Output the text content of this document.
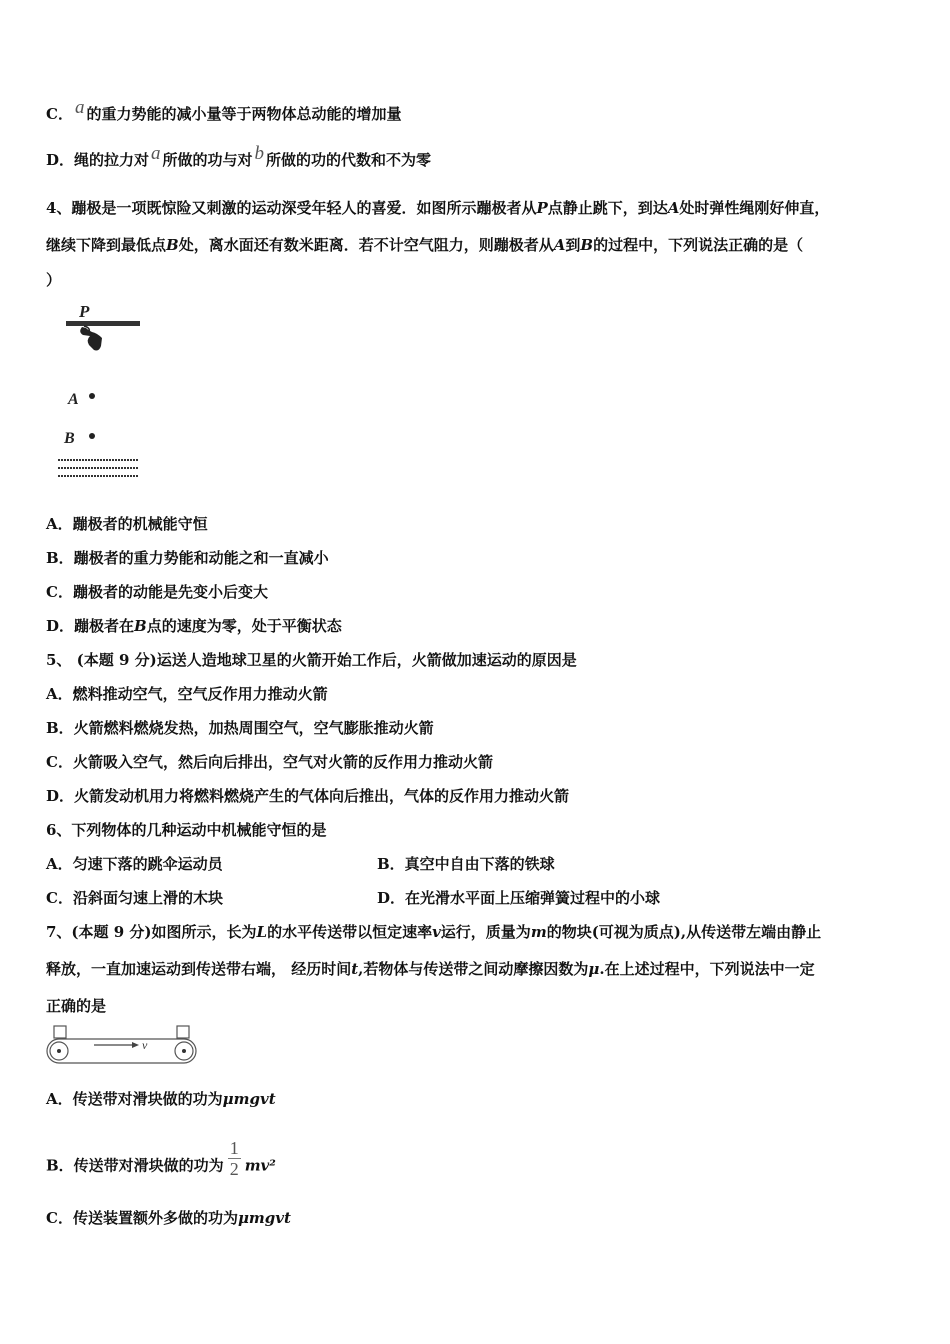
C． a 的重力势能的减小量等于两物体总动能的增加量
D．绳的拉力对 a 所做的功与对 b 所做的功的代数和不为零
4、蹦极是一项既惊险又刺激的运动深受年轻人的喜爱．如图所示蹦极者从P点静止跳下，到达A处时弹性绳刚好伸直，
继续下降到最低点B处，离水面还有数米距离．若不计空气阻力，则蹦极者从A到B的过程中，下列说法正确的是（
）
P
A
B
A．蹦极者的机械能守恒
B．蹦极者的重力势能和动能之和一直减小
C．蹦极者的动能是先变小后变大
D．蹦极者在B点的速度为零，处于平衡状态
5、 (本题 9 分)运送人造地球卫星的火箭开始工作后，火箭做加速运动的原因是
A．燃料推动空气，空气反作用力推动火箭
B．火箭燃料燃烧发热，加热周围空气，空气膨胀推动火箭
C．火箭吸入空气，然后向后排出，空气对火箭的反作用力推动火箭
D．火箭发动机用力将燃料燃烧产生的气体向后推出，气体的反作用力推动火箭
6、下列物体的几种运动中机械能守恒的是
A．匀速下落的跳伞运动员	B．真空中自由下落的铁球
C．沿斜面匀速上滑的木块	D．在光滑水平面上压缩弹簧过程中的小球
7、(本题 9 分)如图所示，长为L的水平传送带以恒定速率v运行，质量为m的物块(可视为质点),从传送带左端由静止
释放，一直加速运动到传送带右端， 经历时间t,若物体与传送带之间动摩擦因数为μ.在上述过程中，下列说法中一定
正确的是
v
A．传送带对滑块做的功为μmgvt
B．传送带对滑块做的功为 $\frac{1}{2} mv^2$
C．传送装置额外多做的功为μmgvt
